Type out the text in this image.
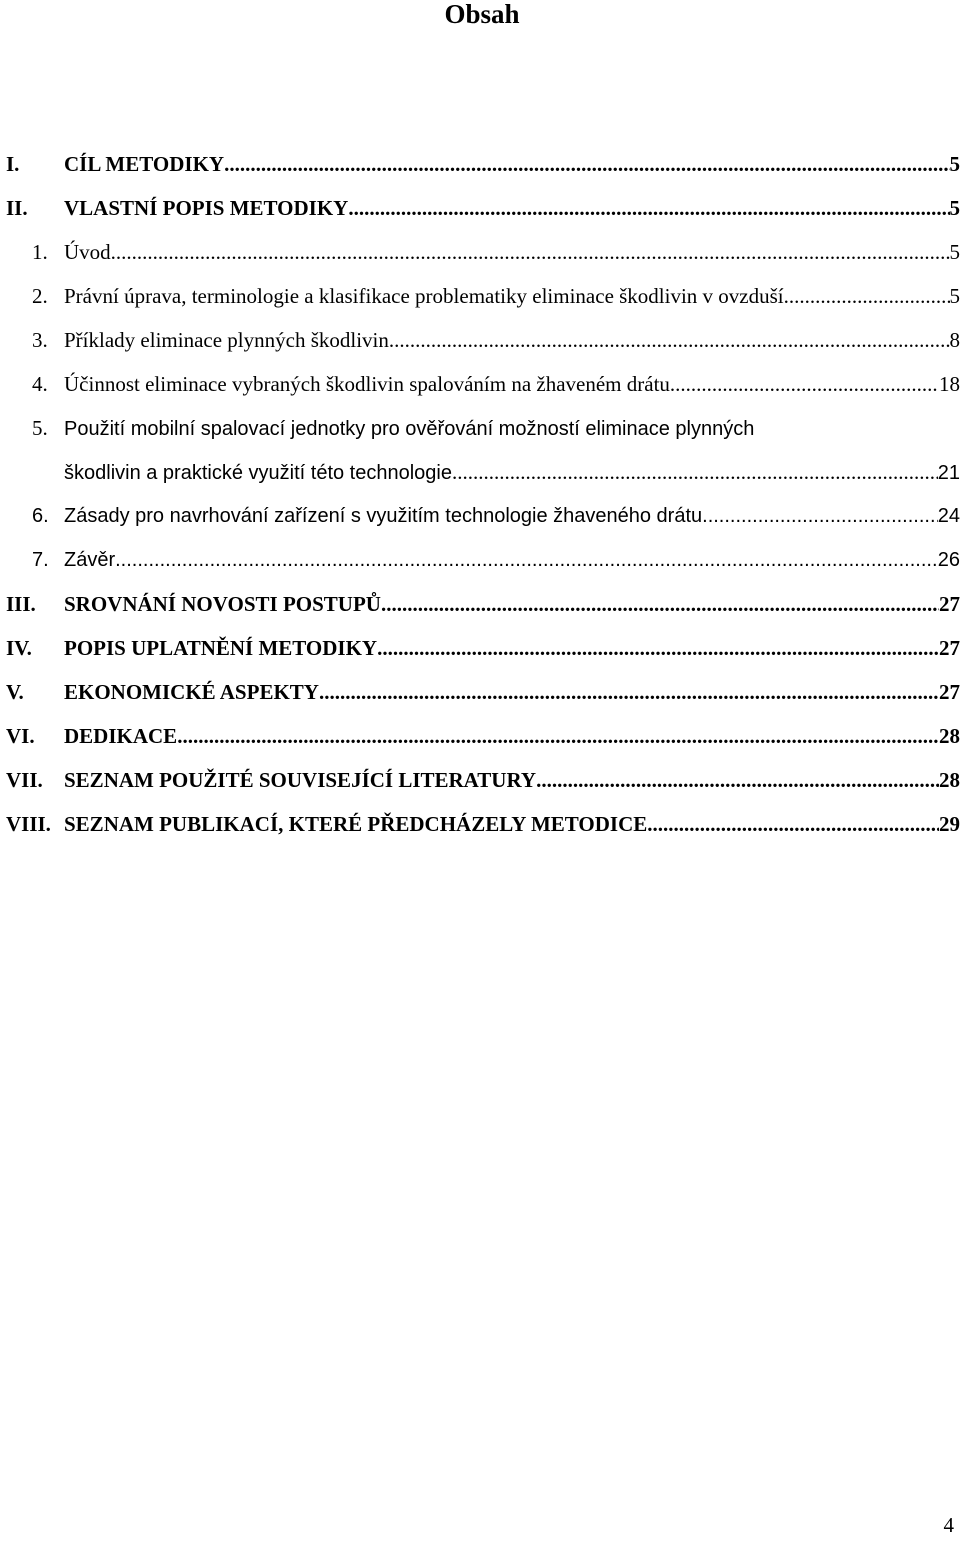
Obsah
I.	CÍL METODIKY .....	5
II.	VLASTNÍ POPIS METODIKY .....	5
1. Úvod .....	5
2. Právní úprava, terminologie a klasifikace problematiky eliminace škodlivin v ovzduší .....	5
3. Příklady eliminace plynných škodlivin .....	8
4. Účinnost eliminace vybraných škodlivin spalováním na žhaveném drátu .....	18
5. Použití mobilní spalovací jednotky pro ověřování možností eliminace plynných
škodlivin a praktické využití této technologie .....	21
6. Zásady pro navrhování zařízení s využitím technologie žhaveného drátu .....	24
7. Závěr .....	26
III.	SROVNÁNÍ NOVOSTI POSTUPŮ .....	27
IV.	POPIS UPLATNĚNÍ METODIKY .....	27
V.	EKONOMICKÉ ASPEKTY .....	27
VI.	DEDIKACE .....	28
VII.	SEZNAM POUŽITÉ SOUVISEJÍCÍ LITERATURY .....	28
VIII. SEZNAM PUBLIKACÍ, KTERÉ PŘEDCHÁZELY METODICE .....	29
4
